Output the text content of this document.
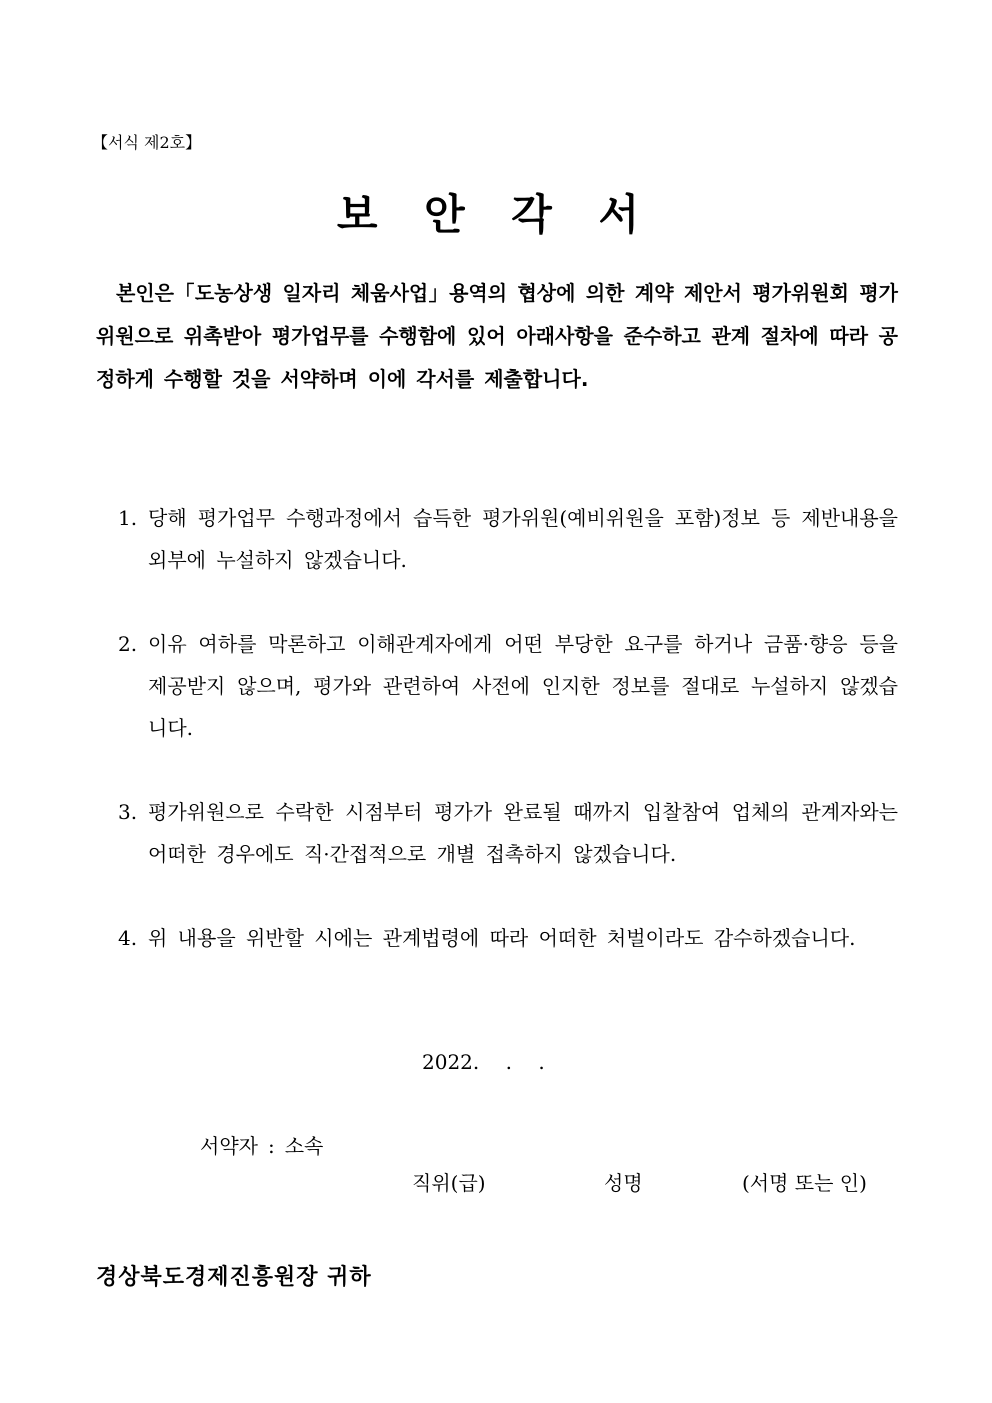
【서식 제2호】
보 안 각 서
본인은「도농상생 일자리 체움사업」용역의 협상에 의한 계약 제안서 평가위원회 평가위원으로 위촉받아 평가업무를 수행함에 있어 아래사항을 준수하고 관계 절차에 따라 공정하게 수행할 것을 서약하며 이에 각서를 제출합니다.
1. 당해 평가업무 수행과정에서 습득한 평가위원(예비위원을 포함)정보 등 제반내용을 외부에 누설하지 않겠습니다.
2. 이유 여하를 막론하고 이해관계자에게 어떤 부당한 요구를 하거나 금품·향응 등을 제공받지 않으며, 평가와 관련하여 사전에 인지한 정보를 절대로 누설하지 않겠습니다.
3. 평가위원으로 수락한 시점부터 평가가 완료될 때까지 입찰참여 업체의 관계자와는 어떠한 경우에도 직·간접적으로 개별 접촉하지 않겠습니다.
4. 위 내용을 위반할 시에는 관계법령에 따라 어떠한 처벌이라도 감수하겠습니다.
2022.　 .　 .
서약자 : 소속
직위(급)	성명	(서명 또는 인)
경상북도경제진흥원장 귀하
